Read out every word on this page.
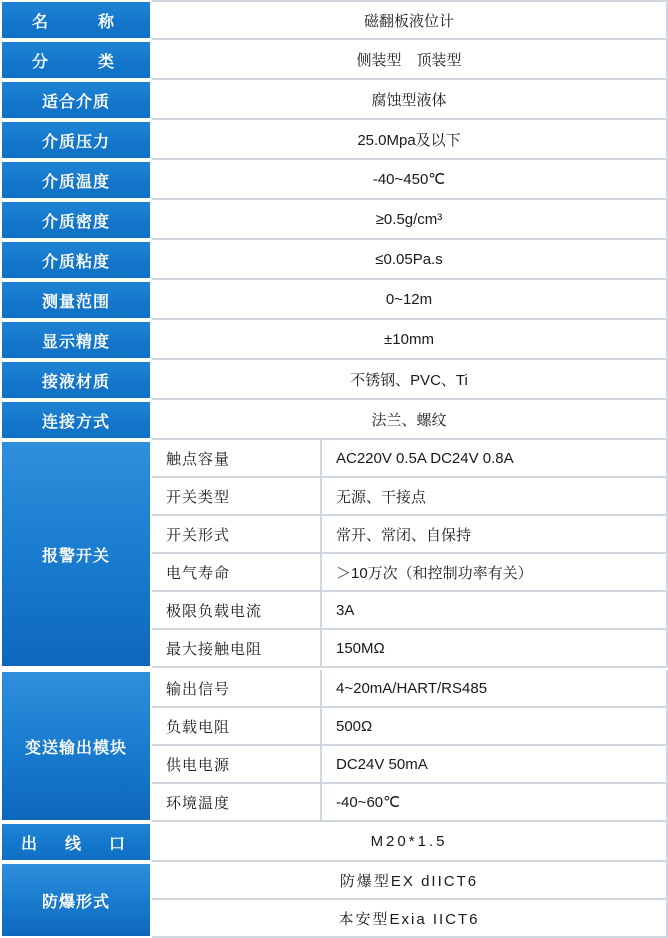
名　　称	磁翻板液位计
分　　类	侧装型　顶装型
适合介质	腐蚀型液体
介质压力	25.0Mpa及以下
介质温度	-40~450℃
介质密度	≥0.5g/cm³
介质粘度	≤0.05Pa.s
测量范围	0~12m
显示精度	±10mm
接液材质	不锈钢、PVC、Ti
连接方式	法兰、螺纹
报警开关	
触点容量	AC220V 0.5A DC24V 0.8A
开关类型	无源、干接点
开关形式	常开、常闭、自保持
电气寿命	＞10万次（和控制功率有关）
极限负载电流	3A
最大接触电阻	150MΩ

变送输出模块	
输出信号	4~20mA/HART/RS485
负载电阻	500Ω
供电电源	DC24V 50mA
环境温度	-40~60℃

出　线　口	M20*1.5
防爆形式	
防爆型EX dIICT6
本安型Exia IICT6
